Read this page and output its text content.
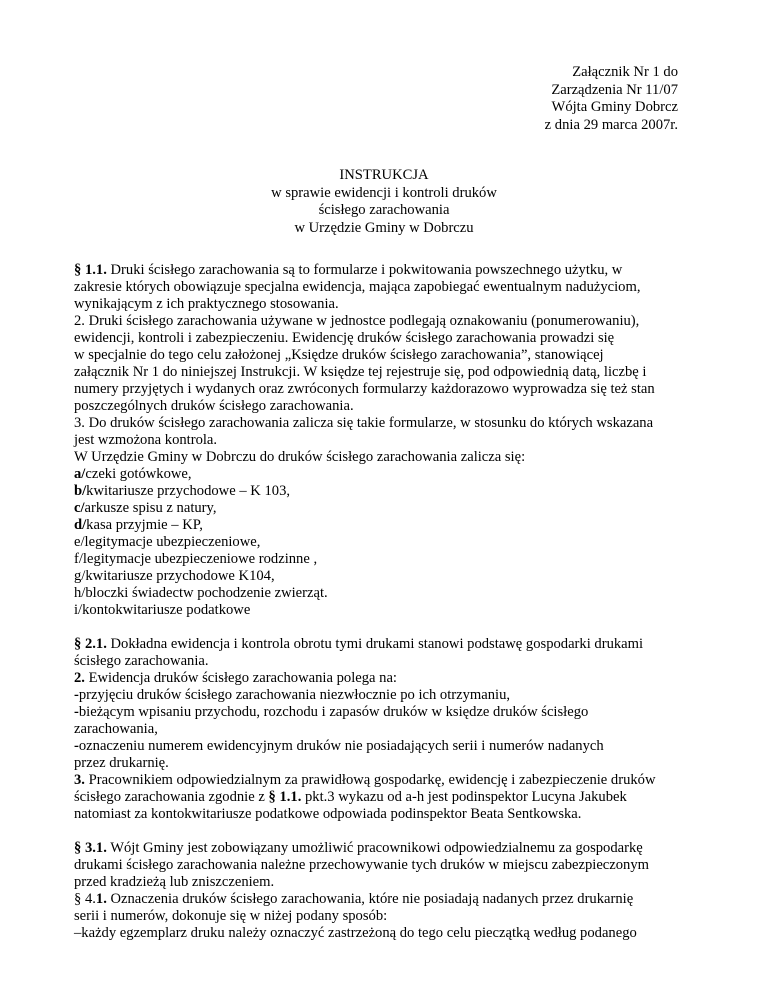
Załącznik Nr 1 do
Zarządzenia Nr 11/07
Wójta Gminy Dobrcz
z dnia 29 marca 2007r.
INSTRUKCJA
w sprawie ewidencji i kontroli druków
ścisłego zarachowania
w Urzędzie Gminy w Dobrczu
§ 1.1. Druki ścisłego zarachowania są to formularze i pokwitowania powszechnego użytku, w
zakresie których obowiązuje specjalna ewidencja, mająca zapobiegać ewentualnym nadużyciom,
wynikającym z ich praktycznego stosowania.
2. Druki ścisłego zarachowania używane w jednostce podlegają oznakowaniu (ponumerowaniu),
ewidencji, kontroli i zabezpieczeniu. Ewidencję druków ścisłego zarachowania prowadzi się
w specjalnie do tego celu założonej „Księdze druków ścisłego zarachowania”, stanowiącej
załącznik Nr 1 do niniejszej Instrukcji. W księdze tej rejestruje się, pod odpowiednią datą, liczbę i
numery przyjętych i wydanych oraz zwróconych formularzy każdorazowo wyprowadza się też stan
poszczególnych druków ścisłego zarachowania.
3. Do druków ścisłego zarachowania zalicza się takie formularze, w stosunku do których wskazana
jest wzmożona kontrola.
W Urzędzie Gminy w Dobrczu do druków ścisłego zarachowania zalicza się:
a/czeki gotówkowe,
b/kwitariusze przychodowe – K 103,
c/arkusze spisu z natury,
d/kasa przyjmie – KP,
e/legitymacje ubezpieczeniowe,
f/legitymacje ubezpieczeniowe rodzinne ,
g/kwitariusze przychodowe K104,
h/bloczki świadectw pochodzenie zwierząt.
i/kontokwitariusze podatkowe
§ 2.1. Dokładna ewidencja i kontrola obrotu tymi drukami stanowi podstawę gospodarki drukami
ścisłego zarachowania.
2. Ewidencja druków ścisłego zarachowania polega na:
-przyjęciu druków ścisłego zarachowania niezwłocznie po ich otrzymaniu,
-bieżącym wpisaniu przychodu, rozchodu i zapasów druków w księdze druków ścisłego
zarachowania,
-oznaczeniu numerem ewidencyjnym druków nie posiadających serii i numerów nadanych
przez drukarnię.
3. Pracownikiem odpowiedzialnym za prawidłową gospodarkę, ewidencję i zabezpieczenie druków
ścisłego zarachowania zgodnie z § 1.1. pkt.3 wykazu od a-h jest podinspektor Lucyna Jakubek
natomiast za kontokwitariusze podatkowe odpowiada podinspektor Beata Sentkowska.
§ 3.1. Wójt Gminy jest zobowiązany umożliwić pracownikowi odpowiedzialnemu za gospodarkę
drukami ścisłego zarachowania należne przechowywanie tych druków w miejscu zabezpieczonym
przed kradzieżą lub zniszczeniem.
§ 4.1. Oznaczenia druków ścisłego zarachowania, które nie posiadają nadanych przez drukarnię
serii i numerów, dokonuje się w niżej podany sposób:
–każdy egzemplarz druku należy oznaczyć zastrzeżoną do tego celu pieczątką według podanego
